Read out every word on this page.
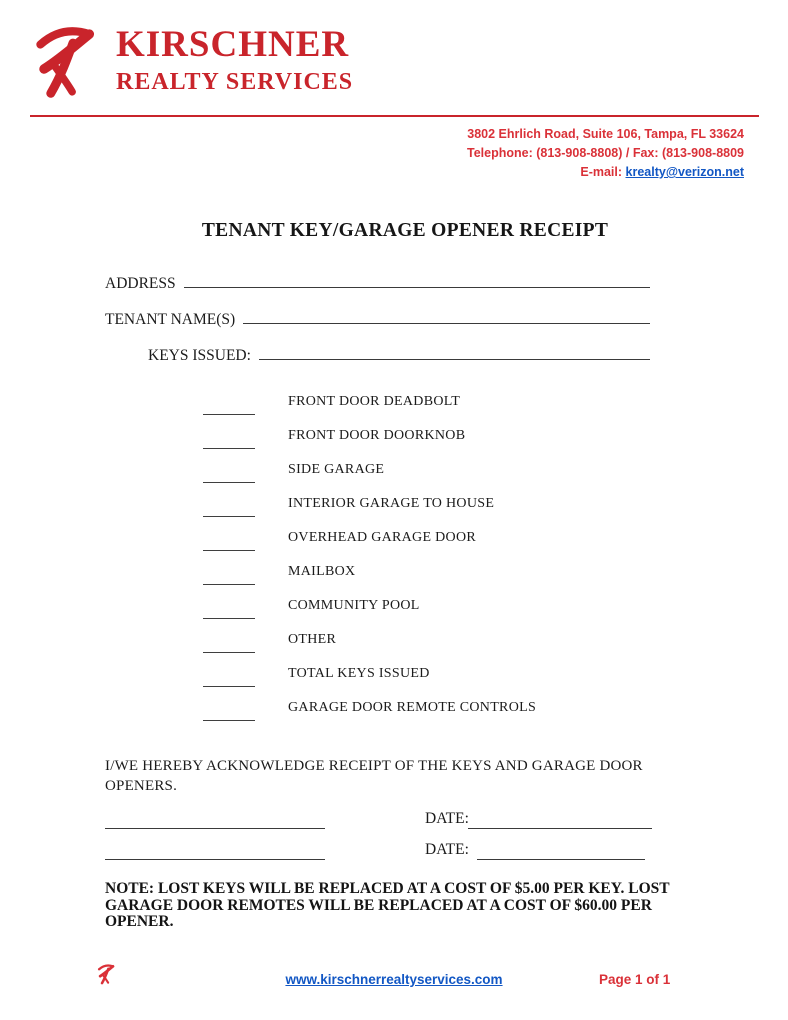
KIRSCHNER
REALTY SERVICES
3802 Ehrlich Road, Suite 106, Tampa, FL 33624
Telephone: (813-908-8808) / Fax: (813-908-8809
E-mail: krealty@verizon.net
TENANT KEY/GARAGE OPENER RECEIPT
ADDRESS
TENANT NAME(S)
KEYS ISSUED:
FRONT DOOR DEADBOLT
FRONT DOOR DOORKNOB
SIDE GARAGE
INTERIOR GARAGE TO HOUSE
OVERHEAD GARAGE DOOR
MAILBOX
COMMUNITY POOL
OTHER
TOTAL KEYS ISSUED
GARAGE DOOR REMOTE CONTROLS
I/WE HEREBY ACKNOWLEDGE RECEIPT OF THE KEYS AND GARAGE DOOR
OPENERS.
DATE:
DATE:
NOTE: LOST KEYS WILL BE REPLACED AT A COST OF $5.00 PER KEY. LOST
GARAGE DOOR REMOTES WILL BE REPLACED AT A COST OF $60.00 PER
OPENER.
www.kirschnerrealtyservices.com	Page 1 of 1
